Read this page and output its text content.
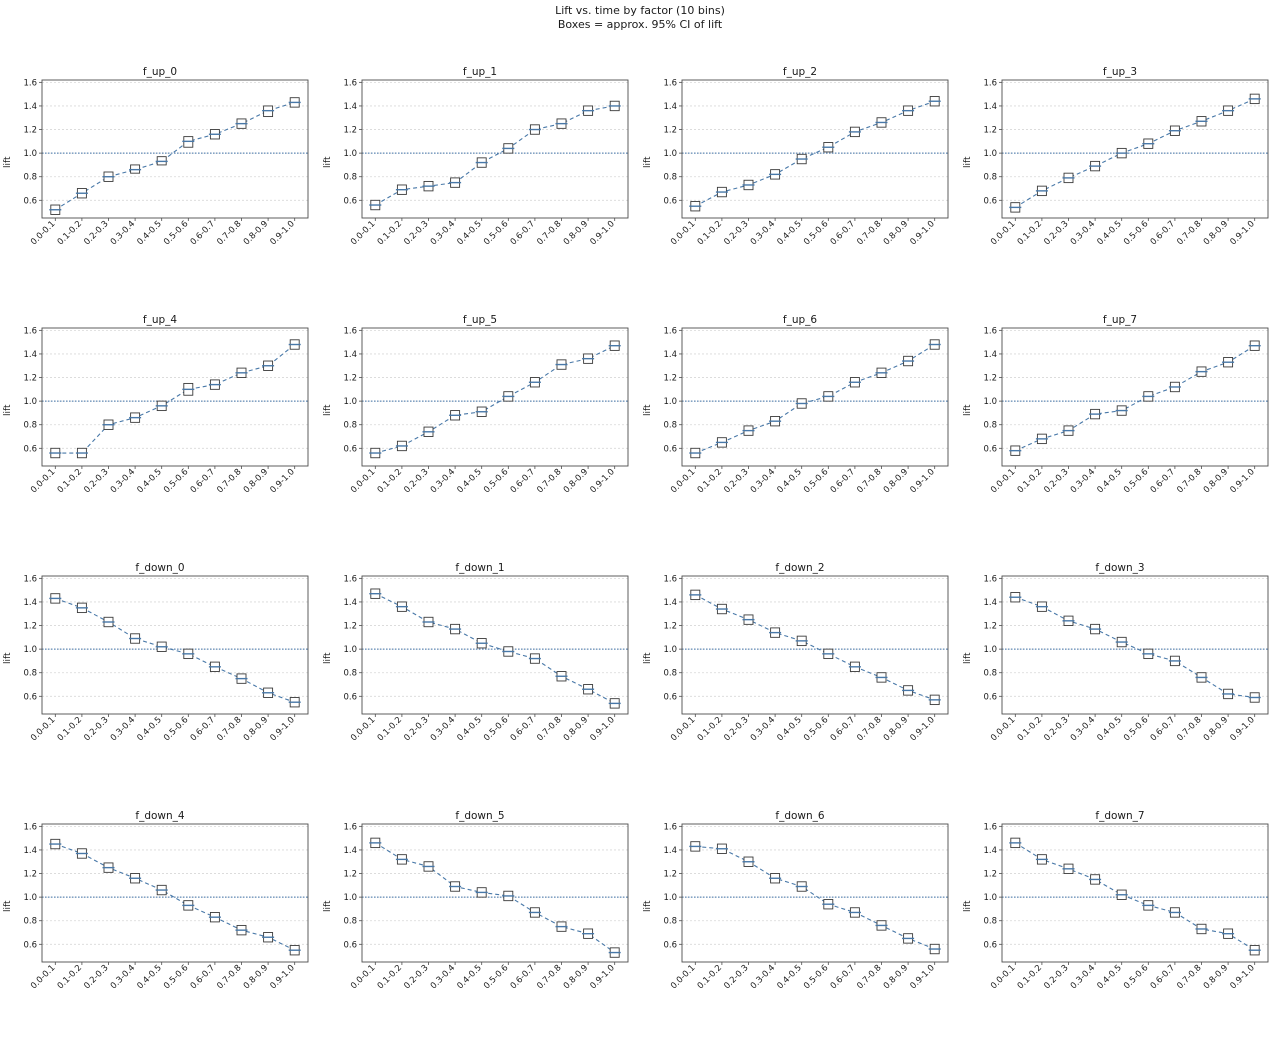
Lift vs. time by factor (10 bins)
Boxes = approx. 95% CI of lift
f_up_0
lift
0.6
0.8
1.0
1.2
1.4
1.6
0.0-0.1
0.1-0.2
0.2-0.3
0.3-0.4
0.4-0.5
0.5-0.6
0.6-0.7
0.7-0.8
0.8-0.9
0.9-1.0
f_up_1
lift
0.6
0.8
1.0
1.2
1.4
1.6
0.0-0.1
0.1-0.2
0.2-0.3
0.3-0.4
0.4-0.5
0.5-0.6
0.6-0.7
0.7-0.8
0.8-0.9
0.9-1.0
f_up_2
lift
0.6
0.8
1.0
1.2
1.4
1.6
0.0-0.1
0.1-0.2
0.2-0.3
0.3-0.4
0.4-0.5
0.5-0.6
0.6-0.7
0.7-0.8
0.8-0.9
0.9-1.0
f_up_3
lift
0.6
0.8
1.0
1.2
1.4
1.6
0.0-0.1
0.1-0.2
0.2-0.3
0.3-0.4
0.4-0.5
0.5-0.6
0.6-0.7
0.7-0.8
0.8-0.9
0.9-1.0
f_up_4
lift
0.6
0.8
1.0
1.2
1.4
1.6
0.0-0.1
0.1-0.2
0.2-0.3
0.3-0.4
0.4-0.5
0.5-0.6
0.6-0.7
0.7-0.8
0.8-0.9
0.9-1.0
f_up_5
lift
0.6
0.8
1.0
1.2
1.4
1.6
0.0-0.1
0.1-0.2
0.2-0.3
0.3-0.4
0.4-0.5
0.5-0.6
0.6-0.7
0.7-0.8
0.8-0.9
0.9-1.0
f_up_6
lift
0.6
0.8
1.0
1.2
1.4
1.6
0.0-0.1
0.1-0.2
0.2-0.3
0.3-0.4
0.4-0.5
0.5-0.6
0.6-0.7
0.7-0.8
0.8-0.9
0.9-1.0
f_up_7
lift
0.6
0.8
1.0
1.2
1.4
1.6
0.0-0.1
0.1-0.2
0.2-0.3
0.3-0.4
0.4-0.5
0.5-0.6
0.6-0.7
0.7-0.8
0.8-0.9
0.9-1.0
f_down_0
lift
0.6
0.8
1.0
1.2
1.4
1.6
0.0-0.1
0.1-0.2
0.2-0.3
0.3-0.4
0.4-0.5
0.5-0.6
0.6-0.7
0.7-0.8
0.8-0.9
0.9-1.0
f_down_1
lift
0.6
0.8
1.0
1.2
1.4
1.6
0.0-0.1
0.1-0.2
0.2-0.3
0.3-0.4
0.4-0.5
0.5-0.6
0.6-0.7
0.7-0.8
0.8-0.9
0.9-1.0
f_down_2
lift
0.6
0.8
1.0
1.2
1.4
1.6
0.0-0.1
0.1-0.2
0.2-0.3
0.3-0.4
0.4-0.5
0.5-0.6
0.6-0.7
0.7-0.8
0.8-0.9
0.9-1.0
f_down_3
lift
0.6
0.8
1.0
1.2
1.4
1.6
0.0-0.1
0.1-0.2
0.2-0.3
0.3-0.4
0.4-0.5
0.5-0.6
0.6-0.7
0.7-0.8
0.8-0.9
0.9-1.0
f_down_4
lift
0.6
0.8
1.0
1.2
1.4
1.6
0.0-0.1
0.1-0.2
0.2-0.3
0.3-0.4
0.4-0.5
0.5-0.6
0.6-0.7
0.7-0.8
0.8-0.9
0.9-1.0
f_down_5
lift
0.6
0.8
1.0
1.2
1.4
1.6
0.0-0.1
0.1-0.2
0.2-0.3
0.3-0.4
0.4-0.5
0.5-0.6
0.6-0.7
0.7-0.8
0.8-0.9
0.9-1.0
f_down_6
lift
0.6
0.8
1.0
1.2
1.4
1.6
0.0-0.1
0.1-0.2
0.2-0.3
0.3-0.4
0.4-0.5
0.5-0.6
0.6-0.7
0.7-0.8
0.8-0.9
0.9-1.0
f_down_7
lift
0.6
0.8
1.0
1.2
1.4
1.6
0.0-0.1
0.1-0.2
0.2-0.3
0.3-0.4
0.4-0.5
0.5-0.6
0.6-0.7
0.7-0.8
0.8-0.9
0.9-1.0
